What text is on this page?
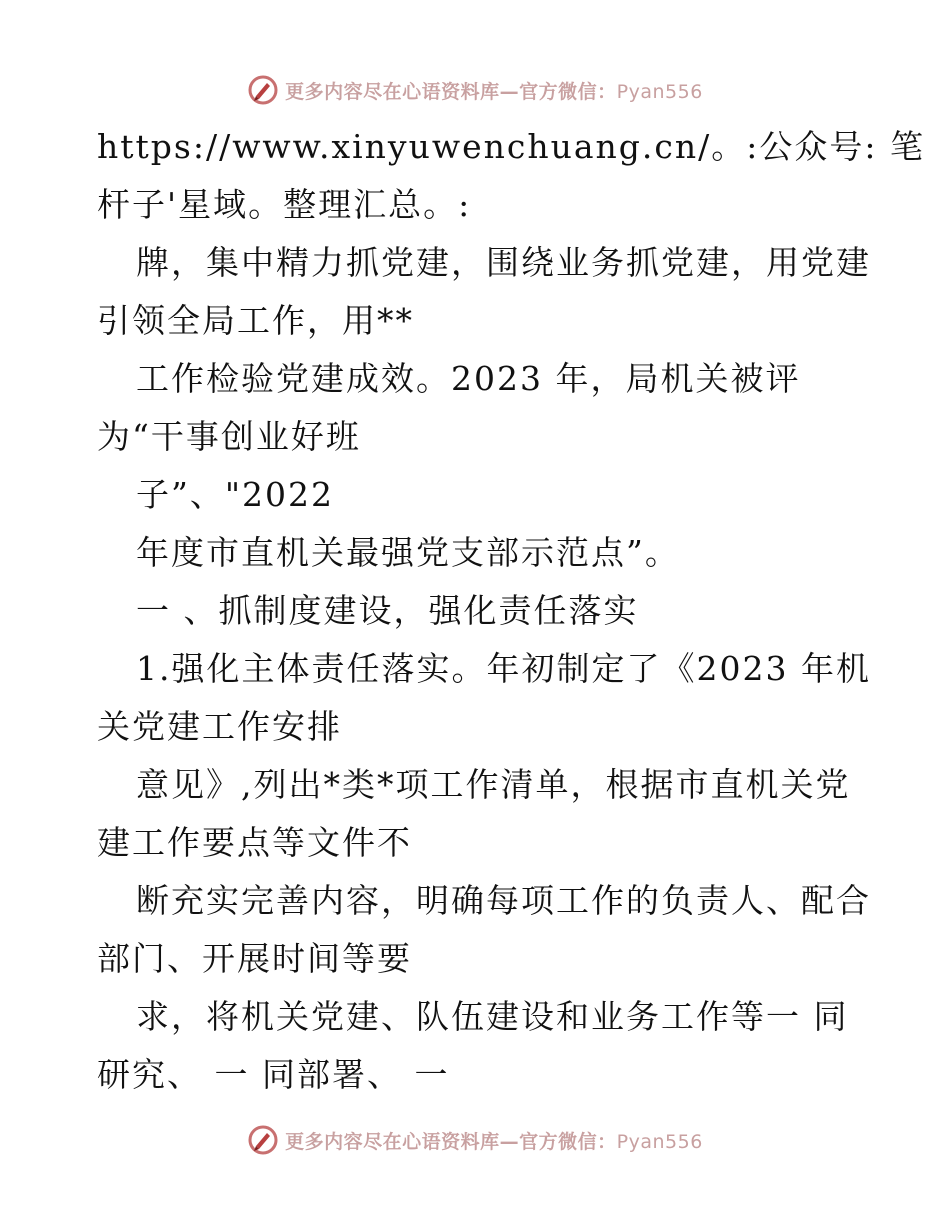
更多内容尽在心语资料库—官方微信：Pyan556
https://www.xinyuwenchuang.cn/。:公众号: 笔
杆子'星域。整理汇总。:
牌，集中精力抓党建，围绕业务抓党建，用党建
引领全局工作，用**
工作检验党建成效。2023 年，局机关被评
为“干事创业好班
子”、"2022
年度市直机关最强党支部示范点”。
一 、抓制度建设，强化责任落实
1.强化主体责任落实。年初制定了《2023 年机
关党建工作安排
意见》,列出*类*项工作清单，根据市直机关党
建工作要点等文件不
断充实完善内容，明确每项工作的负责人、配合
部门、开展时间等要
求，将机关党建、队伍建设和业务工作等一 同
研究、 一 同部署、 一
更多内容尽在心语资料库—官方微信：Pyan556
